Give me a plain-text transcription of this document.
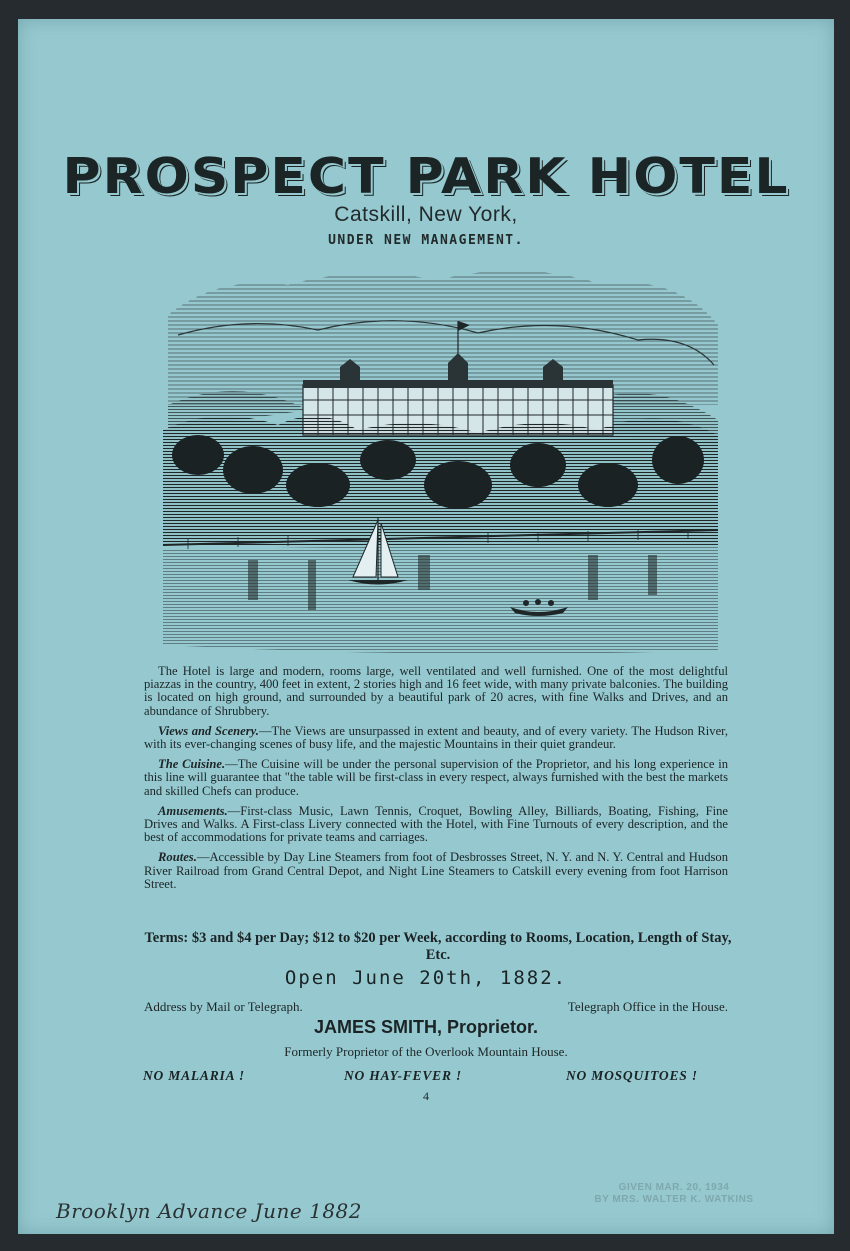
PROSPECT PARK HOTEL
Catskill, New York,
UNDER NEW MANAGEMENT.

The Hotel is large and modern, rooms large, well ventilated and well furnished. One of the most delightful piazzas in the country, 400 feet in extent, 2 stories high and 16 feet wide, with many private balconies. The building is located on high ground, and surrounded by a beautiful park of 20 acres, with fine Walks and Drives, and an abundance of Shrubbery.

Views and Scenery.—The Views are unsurpassed in extent and beauty, and of every variety. The Hudson River, with its ever-changing scenes of busy life, and the majestic Mountains in their quiet grandeur.

The Cuisine.—The Cuisine will be under the personal supervision of the Proprietor, and his long experience in this line will guarantee that "the table will be first-class in every respect, always furnished with the best the markets and skilled Chefs can produce.

Amusements.—First-class Music, Lawn Tennis, Croquet, Bowling Alley, Billiards, Boating, Fishing, Fine Drives and Walks. A First-class Livery connected with the Hotel, with Fine Turnouts of every description, and the best of accommodations for private teams and carriages.

Routes.—Accessible by Day Line Steamers from foot of Desbrosses Street, N. Y. and N. Y. Central and Hudson River Railroad from Grand Central Depot, and Night Line Steamers to Catskill every evening from foot Harrison Street.

Terms: $3 and $4 per Day; $12 to $20 per Week, according to Rooms, Location, Length of Stay, Etc.
Open June 20th, 1882.
Address by Mail or Telegraph.	Telegraph Office in the House.
JAMES SMITH, Proprietor.
Formerly Proprietor of the Overlook Mountain House.
NO MALARIA !	NO HAY-FEVER !	NO MOSQUITOES !
4
Brooklyn Advance June 1882
GIVEN MAR. 20, 1934
BY MRS. WALTER K. WATKINS
